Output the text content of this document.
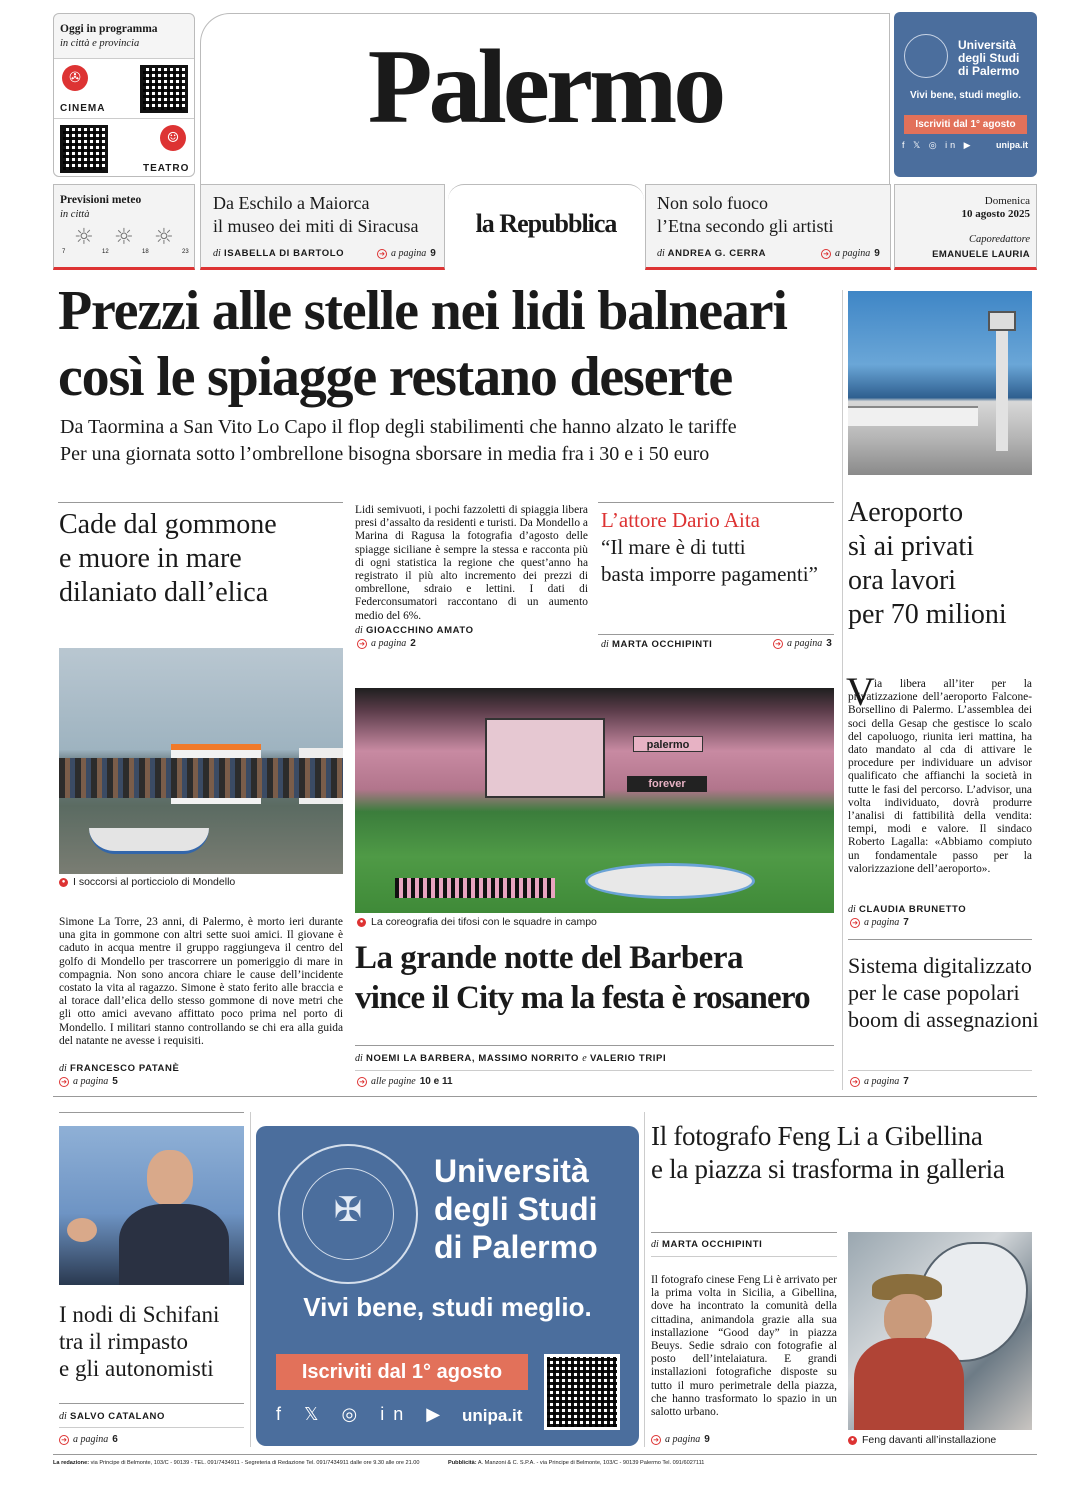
Oggi in programma
in città e provincia
✇
CINEMA
☺
TEATRO
Palermo	Università
degli Studi
di Palermo
Vivi bene, studi meglio.
Iscriviti dal 1° agosto
f 𝕏 ◎ in ▶ unipa.it
Previsioni meteo
in città
☼ ☼ ☼
7	12	18	23
Da Eschilo a Maiorca
il museo dei miti di Siracusa
di ISABELLA DI BARTOLO	➜ a pagina 9
la Repubblica
Non solo fuoco
l’Etna secondo gli artisti
di ANDREA G. CERRA	➜ a pagina 9
Domenica
10 agosto 2025
Caporedattore
EMANUELE LAURIA
Prezzi alle stelle nei lidi balneari
così le spiagge restano deserte
Da Taormina a San Vito Lo Capo il flop degli stabilimenti che hanno alzato le tariffe
Per una giornata sotto l’ombrellone bisogna sborsare in media fra i 30 e i 50 euro
Cade dal gommone
e muore in mare
dilaniato dall’elica
● I soccorsi al porticciolo di Mondello
Simone La Torre, 23 anni, di Palermo, è morto ieri durante una gita in gommone con altri sette suoi amici. Il giovane è caduto in acqua mentre il gruppo raggiungeva il centro del golfo di Mondello per trascorrere un pomeriggio di mare in compagnia. Non sono ancora chiare le cause dell’incidente costato la vita al ragazzo. Simone è stato ferito alle braccia e al torace dall’elica dello stesso gommone di nove metri che gli otto amici avevano affittato poco prima nel porto di Mondello. I militari stanno controllando se chi era alla guida del natante ne avesse i requisiti.
di FRANCESCO PATANÈ
➜ a pagina 5
Lidi semivuoti, i pochi fazzoletti di spiaggia libera presi d’assalto da residenti e turisti. Da Mondello a Marina di Ragusa la fotografia d’agosto delle spiagge siciliane è sempre la stessa e racconta più di ogni statistica la regione che quest’anno ha registrato il più alto incremento dei prezzi di ombrellone, sdraio e lettini. I dati di Federconsumatori raccontano di un aumento medio del 6%.
di GIOACCHINO AMATO
➜ a pagina 2
L’attore Dario Aita
“Il mare è di tutti
basta imporre pagamenti”
di MARTA OCCHIPINTI	➜ a pagina 3
palermo
forever
● La coreografia dei tifosi con le squadre in campo
La grande notte del Barbera
vince il City ma la festa è rosanero
di NOEMI LA BARBERA, MASSIMO NORRITO e VALERIO TRIPI
➜ alle pagine 10 e 11
Aeroporto
sì ai privati
ora lavori
per 70 milioni
V ia libera all’iter per la privatizzazione dell’aeroporto Falcone-Borsellino di Palermo. L’assemblea dei soci della Gesap che gestisce lo scalo del capoluogo, riunita ieri mattina, ha dato mandato al cda di attivare le procedure per individuare un advisor qualificato che affianchi la società in tutte le fasi del percorso. L’advisor, una volta individuato, dovrà produrre l’analisi di fattibilità della vendita: tempi, modi e valore. Il sindaco Roberto Lagalla: «Abbiamo compiuto un fondamentale passo per la valorizzazione dell’aeroporto».
di CLAUDIA BRUNETTO
➜ a pagina 7
Sistema digitalizzato
per le case popolari
boom di assegnazioni
➜ a pagina 7
I nodi di Schifani
tra il rimpasto
e gli autonomisti
di SALVO CATALANO
➜ a pagina 6
✠
Università
degli Studi
di Palermo
Vivi bene, studi meglio.
Iscriviti dal 1° agosto
f 𝕏 ◎ in ▶ unipa.it
Il fotografo Feng Li a Gibellina
e la piazza si trasforma in galleria
di MARTA OCCHIPINTI
Il fotografo cinese Feng Li è arrivato per la prima volta in Sicilia, a Gibellina, dove ha incontrato la comunità della cittadina, animandola grazie alla sua installazione “Good day” in piazza Beuys. Sedie sdraio con fotografie al posto dell’intelaiatura. E grandi installazioni fotografiche disposte su tutto il muro perimetrale della piazza, che hanno trasformato lo spazio in un salotto urbano.
➜ a pagina 9	● Feng davanti all’installazione
La redazione: via Principe di Belmonte, 103/C - 90139 - TEL. 091/7434911 - Segreteria di Redazione Tel. 091/7434911 dalle ore 9.30 alle ore 21.00	Pubblicità: A. Manzoni & C. S.P.A. - via Principe di Belmonte, 103/C - 90139 Palermo Tel. 091/6027111
